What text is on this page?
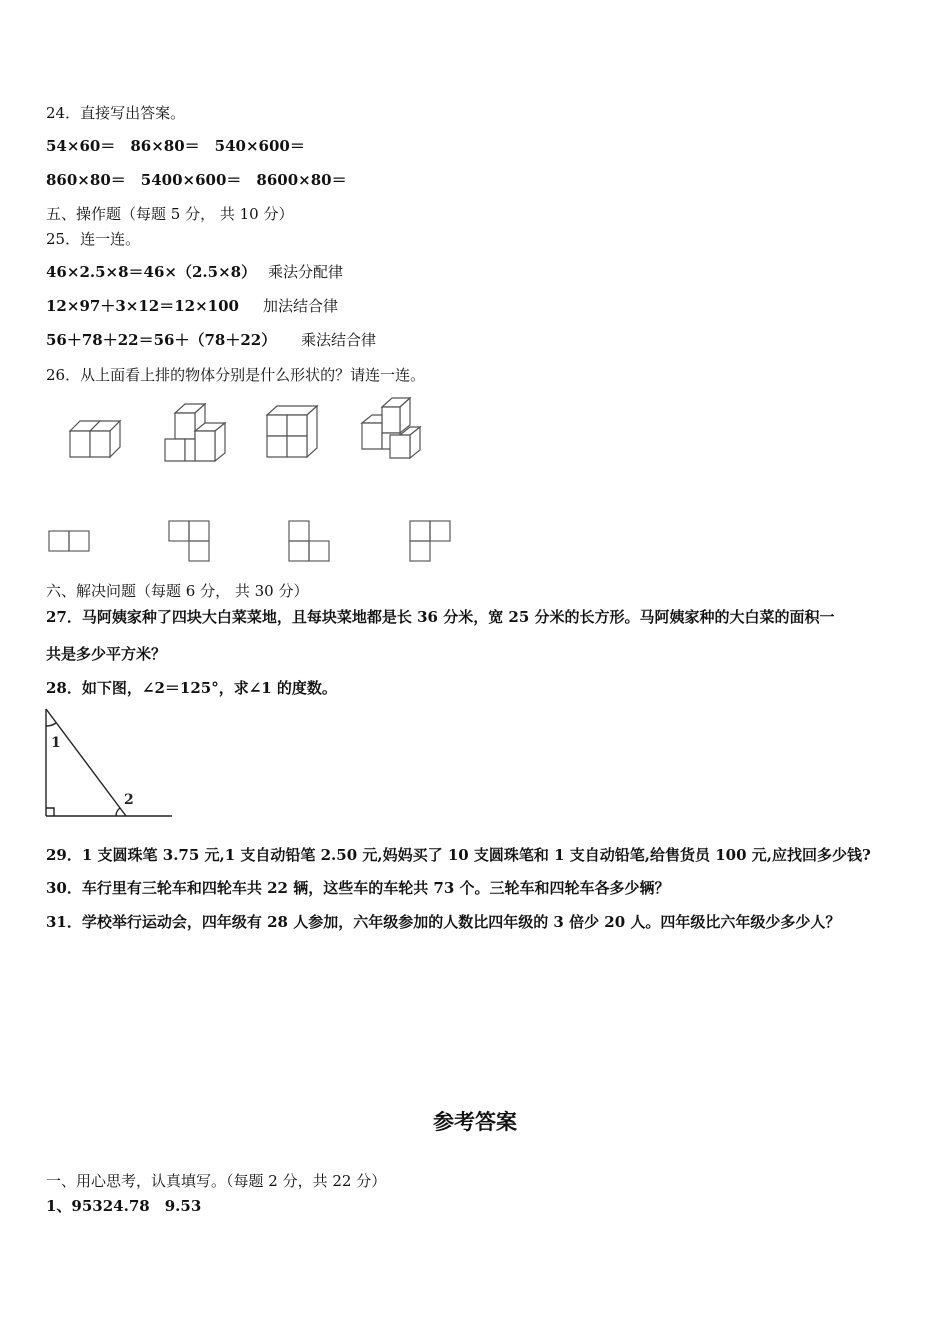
24．直接写出答案。
54×60＝　86×80＝　540×600＝
860×80＝　5400×600＝　8600×80＝
五、操作题（每题 5 分， 共 10 分）
25．连一连。
46×2.5×8＝46×（2.5×8） 乘法分配律
12×97＋3×12＝12×100 加法结合律
56＋78＋22＝56＋（78＋22） 乘法结合律
26．从上面看上排的物体分别是什么形状的？请连一连。
六、解决问题（每题 6 分， 共 30 分）
27．马阿姨家种了四块大白菜菜地，且每块菜地都是长 36 分米，宽 25 分米的长方形。马阿姨家种的大白菜的面积一
共是多少平方米？
28．如下图，∠2＝125°，求∠1 的度数。
1
2
29．1 支圆珠笔 3.75 元,1 支自动铅笔 2.50 元,妈妈买了 10 支圆珠笔和 1 支自动铅笔,给售货员 100 元,应找回多少钱?
30．车行里有三轮车和四轮车共 22 辆，这些车的车轮共 73 个。三轮车和四轮车各多少辆？
31．学校举行运动会，四年级有 28 人参加，六年级参加的人数比四年级的 3 倍少 20 人。四年级比六年级少多少人？
参考答案
一、用心思考，认真填写。（每题 2 分，共 22 分）
1、95324.78　9.53
